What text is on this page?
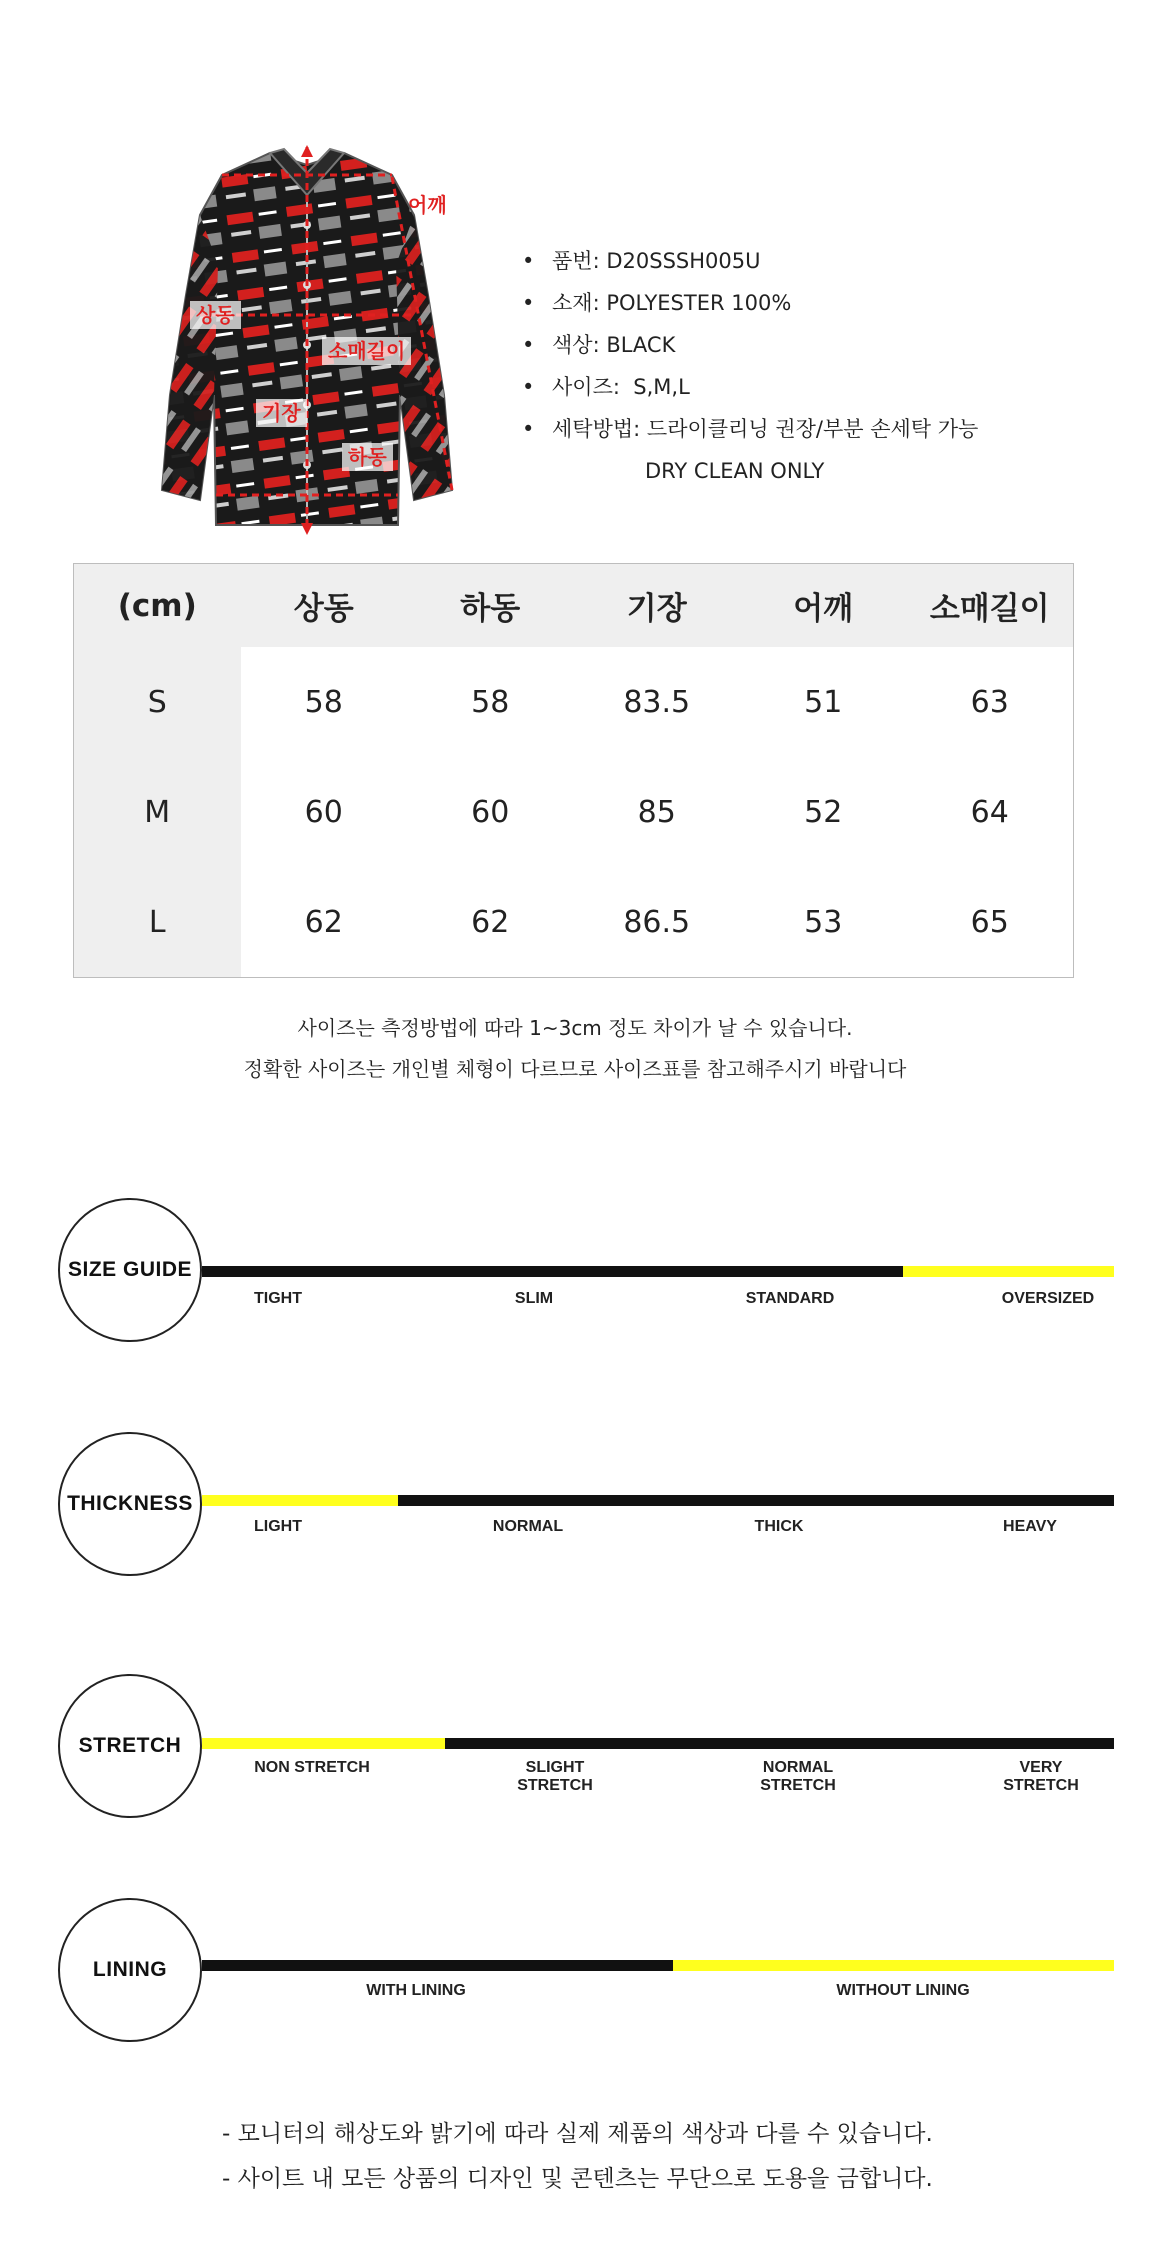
상동
소매길이
기장
하동
어깨
• 품번: D20SSSH005U
• 소재: POLYESTER 100%
• 색상: BLACK
• 사이즈:  S,M,L
• 세탁방법: 드라이클리닝 권장/부분 손세탁 가능
DRY CLEAN ONLY
(cm)	상동	하동	기장	어깨	소매길이
S	58	58	83.5	51	63
M	60	60	85	52	64
L	62	62	86.5	53	65
사이즈는 측정방법에 따라 1~3cm 정도 차이가 날 수 있습니다.
정확한 사이즈는 개인별 체형이 다르므로 사이즈표를 참고해주시기 바랍니다
SIZE GUIDE
TIGHT	SLIM	STANDARD	OVERSIZED
THICKNESS
LIGHT	NORMAL	THICK	HEAVY
STRETCH
NON STRETCH	SLIGHT
STRETCH
NORMAL
STRETCH
VERY
STRETCH
LINING
WITH LINING	WITHOUT LINING
- 모니터의 해상도와 밝기에 따라 실제 제품의 색상과 다를 수 있습니다.
- 사이트 내 모든 상품의 디자인 및 콘텐츠는 무단으로 도용을 금합니다.
